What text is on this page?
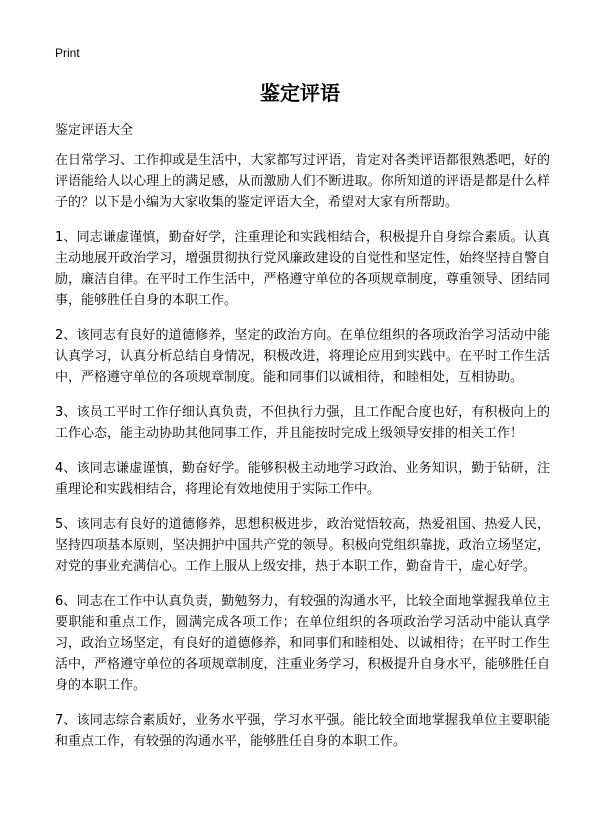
Print
鉴定评语

鉴定评语大全

在日常学习、工作抑或是生活中，大家都写过评语，肯定对各类评语都很熟悉吧，好的评语能给人以心理上的满足感，从而激励人们不断进取。你所知道的评语是都是什么样子的？以下是小编为大家收集的鉴定评语大全，希望对大家有所帮助。

1、同志谦虚谨慎，勤奋好学，注重理论和实践相结合，积极提升自身综合素质。认真主动地展开政治学习，增强贯彻执行党风廉政建设的自觉性和坚定性，始终坚持自警自励，廉洁自律。在平时工作生活中，严格遵守单位的各项规章制度，尊重领导、团结同事，能够胜任自身的本职工作。

2、该同志有良好的道德修养，坚定的政治方向。在单位组织的各项政治学习活动中能认真学习，认真分析总结自身情况，积极改进，将理论应用到实践中。在平时工作生活中，严格遵守单位的各项规章制度。能和同事们以诚相待，和睦相处，互相协助。

3、该员工平时工作仔细认真负责，不但执行力强，且工作配合度也好，有积极向上的工作心态，能主动协助其他同事工作，并且能按时完成上级领导安排的相关工作！

4、该同志谦虚谨慎，勤奋好学。能够积极主动地学习政治、业务知识，勤于钻研，注重理论和实践相结合，将理论有效地使用于实际工作中。

5、该同志有良好的道德修养，思想积极进步，政治觉悟较高，热爱祖国、热爱人民，坚持四项基本原则，坚决拥护中国共产党的领导。积极向党组织靠拢，政治立场坚定，对党的事业充满信心。工作上服从上级安排，热于本职工作，勤奋肯干，虚心好学。

6、同志在工作中认真负责，勤勉努力，有较强的沟通水平，比较全面地掌握我单位主要职能和重点工作，圆满完成各项工作；在单位组织的各项政治学习活动中能认真学习，政治立场坚定，有良好的道德修养，和同事们和睦相处、以诚相待；在平时工作生活中，严格遵守单位的各项规章制度，注重业务学习，积极提升自身水平，能够胜任自身的本职工作。

7、该同志综合素质好，业务水平强，学习水平强。能比较全面地掌握我单位主要职能和重点工作，有较强的沟通水平，能够胜任自身的本职工作。
